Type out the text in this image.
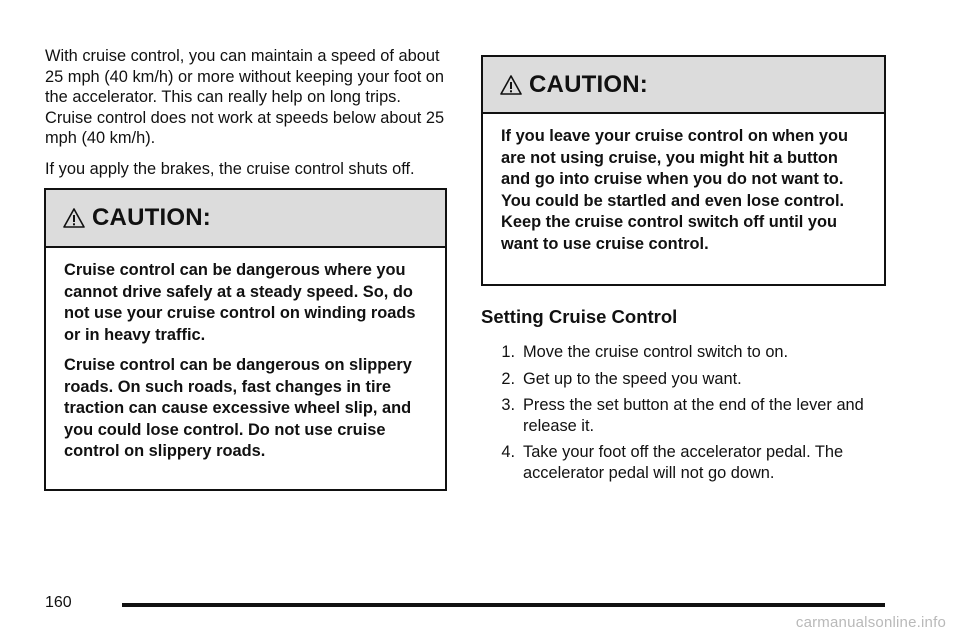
With cruise control, you can maintain a speed of about 25 mph (40 km/h) or more without keeping your foot on the accelerator. This can really help on long trips. Cruise control does not work at speeds below about 25 mph (40 km/h).

If you apply the brakes, the cruise control shuts off.

CAUTION:

Cruise control can be dangerous where you cannot drive safely at a steady speed. So, do not use your cruise control on winding roads or in heavy traffic.

Cruise control can be dangerous on slippery roads. On such roads, fast changes in tire traction can cause excessive wheel slip, and you could lose control. Do not use cruise control on slippery roads.

CAUTION:

If you leave your cruise control on when you are not using cruise, you might hit a button and go into cruise when you do not want to. You could be startled and even lose control. Keep the cruise control switch off until you want to use cruise control.

Setting Cruise Control
1. Move the cruise control switch to on.
2. Get up to the speed you want.
3. Press the set button at the end of the lever and release it.
4. Take your foot off the accelerator pedal. The accelerator pedal will not go down.
160
carmanualsonline.info
